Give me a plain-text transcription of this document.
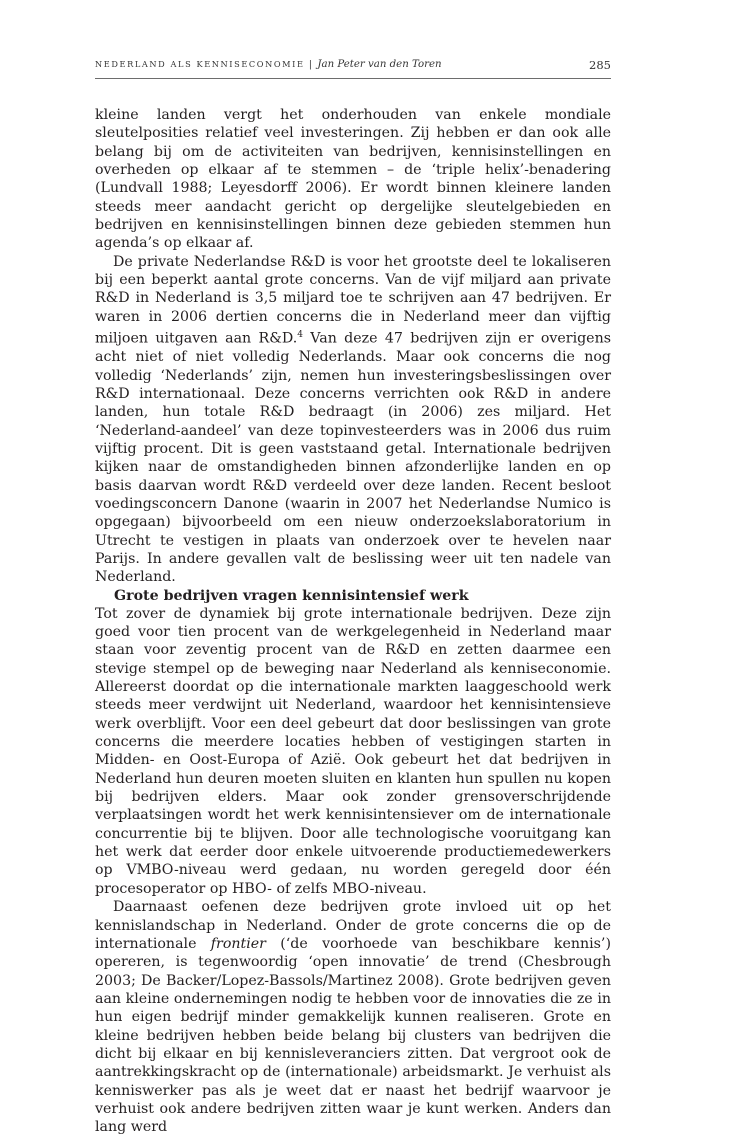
NEDERLAND ALS KENNISECONOMIE | Jan Peter van den Toren	285

kleine landen vergt het onderhouden van enkele mondiale sleutelposities relatief veel investeringen. Zij hebben er dan ook alle belang bij om de activiteiten van bedrijven, kennisinstellingen en overheden op elkaar af te stemmen – de ‘triple helix’-benadering (Lundvall 1988; Leyesdorff 2006). Er wordt binnen kleinere landen steeds meer aandacht gericht op dergelijke sleutelgebieden en bedrijven en kennisinstellingen binnen deze gebieden stemmen hun agenda’s op elkaar af.

De private Nederlandse R&D is voor het grootste deel te lokaliseren bij een beperkt aantal grote concerns. Van de vijf miljard aan private R&D in Nederland is 3,5 miljard toe te schrijven aan 47 bedrijven. Er waren in 2006 dertien concerns die in Nederland meer dan vijftig miljoen uitgaven aan R&D.$^4$ Van deze 47 bedrijven zijn er overigens acht niet of niet volledig Nederlands. Maar ook concerns die nog volledig ‘Nederlands’ zijn, nemen hun investeringsbeslissingen over R&D internationaal. Deze concerns verrichten ook R&D in andere landen, hun totale R&D bedraagt (in 2006) zes miljard. Het ‘Nederland-aandeel’ van deze topinvesteerders was in 2006 dus ruim vijftig procent. Dit is geen vaststaand getal. Internationale bedrijven kijken naar de omstandigheden binnen afzonderlijke landen en op basis daarvan wordt R&D verdeeld over deze landen. Recent besloot voedingsconcern Danone (waarin in 2007 het Nederlandse Numico is opgegaan) bijvoorbeeld om een nieuw onderzoekslaboratorium in Utrecht te vestigen in plaats van onderzoek over te hevelen naar Parijs. In andere gevallen valt de beslissing weer uit ten nadele van Nederland.

Grote bedrijven vragen kennisintensief werk

Tot zover de dynamiek bij grote internationale bedrijven. Deze zijn goed voor tien procent van de werkgelegenheid in Nederland maar staan voor zeventig procent van de R&D en zetten daarmee een stevige stempel op de beweging naar Nederland als kenniseconomie. Allereerst doordat op die internationale markten laaggeschoold werk steeds meer verdwijnt uit Nederland, waardoor het kennisintensieve werk overblijft. Voor een deel gebeurt dat door beslissingen van grote concerns die meerdere locaties hebben of vestigingen starten in Midden- en Oost-Europa of Azië. Ook gebeurt het dat bedrijven in Nederland hun deuren moeten sluiten en klanten hun spullen nu kopen bij bedrijven elders. Maar ook zonder grensoverschrijdende verplaatsingen wordt het werk kennisintensiever om de internationale concurrentie bij te blijven. Door alle technologische vooruitgang kan het werk dat eerder door enkele uitvoerende productiemedewerkers op VMBO-niveau werd gedaan, nu worden geregeld door één procesoperator op HBO- of zelfs MBO-niveau.

Daarnaast oefenen deze bedrijven grote invloed uit op het kennislandschap in Nederland. Onder de grote concerns die op de internationale frontier (‘de voorhoede van beschikbare kennis’) opereren, is tegenwoordig ‘open innovatie’ de trend (Chesbrough 2003; De Backer/Lopez-Bassols/Martinez 2008). Grote bedrijven geven aan kleine ondernemingen nodig te hebben voor de innovaties die ze in hun eigen bedrijf minder gemakkelijk kunnen realiseren. Grote en kleine bedrijven hebben beide belang bij clusters van bedrijven die dicht bij elkaar en bij kennisleveranciers zitten. Dat vergroot ook de aantrekkingskracht op de (internationale) arbeidsmarkt. Je verhuist als kenniswerker pas als je weet dat er naast het bedrijf waarvoor je verhuist ook andere bedrijven zitten waar je kunt werken. Anders dan lang werd
